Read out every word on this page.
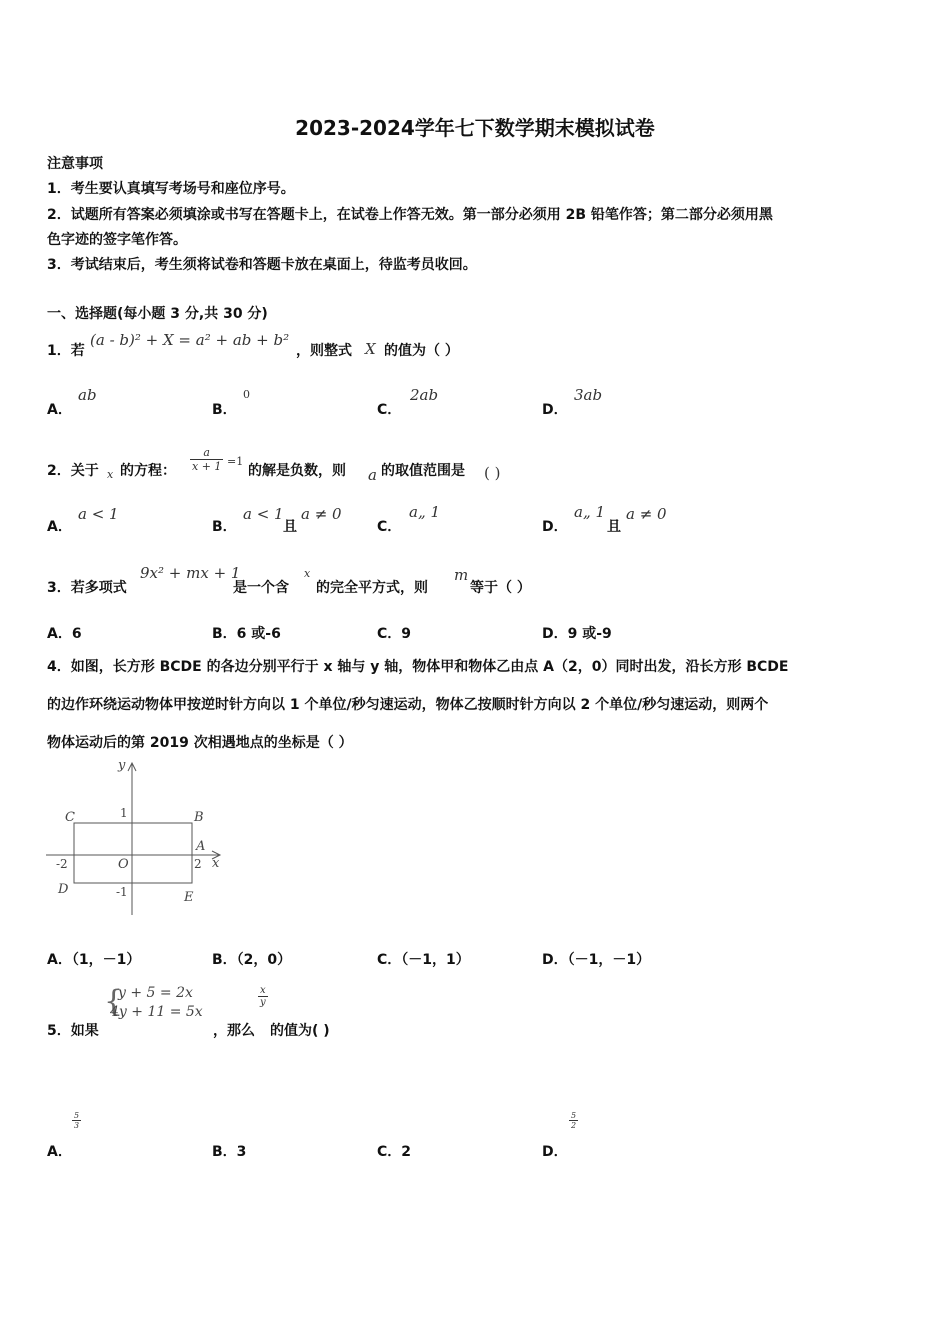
2023-2024学年七下数学期末模拟试卷
注意事项
1．考生要认真填写考场号和座位序号。
2．试题所有答案必须填涂或书写在答题卡上，在试卷上作答无效。第一部分必须用 2B 铅笔作答；第二部分必须用黑
色字迹的签字笔作答。
3．考试结束后，考生须将试卷和答题卡放在桌面上，待监考员收回。
一、选择题(每小题 3 分,共 30 分)
1．若
(a - b)² + X = a² + ab + b²
，则整式 X 的值为（ ）
A．
ab
B．
0
C．
2ab
D．
3ab
2．关于 x 的方程： $\frac{a}{x + 1} =1$
的解是负数，则 a 的取值范围是 ( )
A．
a < 1
B．
a < 1
且
a ≠ 0
C．
a„ 1
D．
a„ 1
且
a ≠ 0
3．若多项式
9x² + mx + 1
是一个含
x
的完全平方式，则
m
等于（ ）
A．6	B．6 或-6	C．9	D．9 或-9
4．如图，长方形 BCDE 的各边分别平行于 x 轴与 y 轴，物体甲和物体乙由点 A（2，0）同时出发，沿长方形 BCDE
的边作环绕运动物体甲按逆时针方向以 1 个单位/秒匀速运动，物体乙按顺时针方向以 2 个单位/秒匀速运动，则两个
物体运动后的第 2019 次相遇地点的坐标是（ ）
y
x
O
1
-1
-2	2
C	B
A
D
E
A．（1，－1）	B．（2，0）	C．（－1，1）	D．（－1，－1）
{
y + 5 = 2x
4y + 11 = 5x
$\frac{x}{y}$
5．如果	，那么 的值为( )
A．
$\frac{5}{3}$
B．3	C．2	D．
$\frac{5}{2}$
